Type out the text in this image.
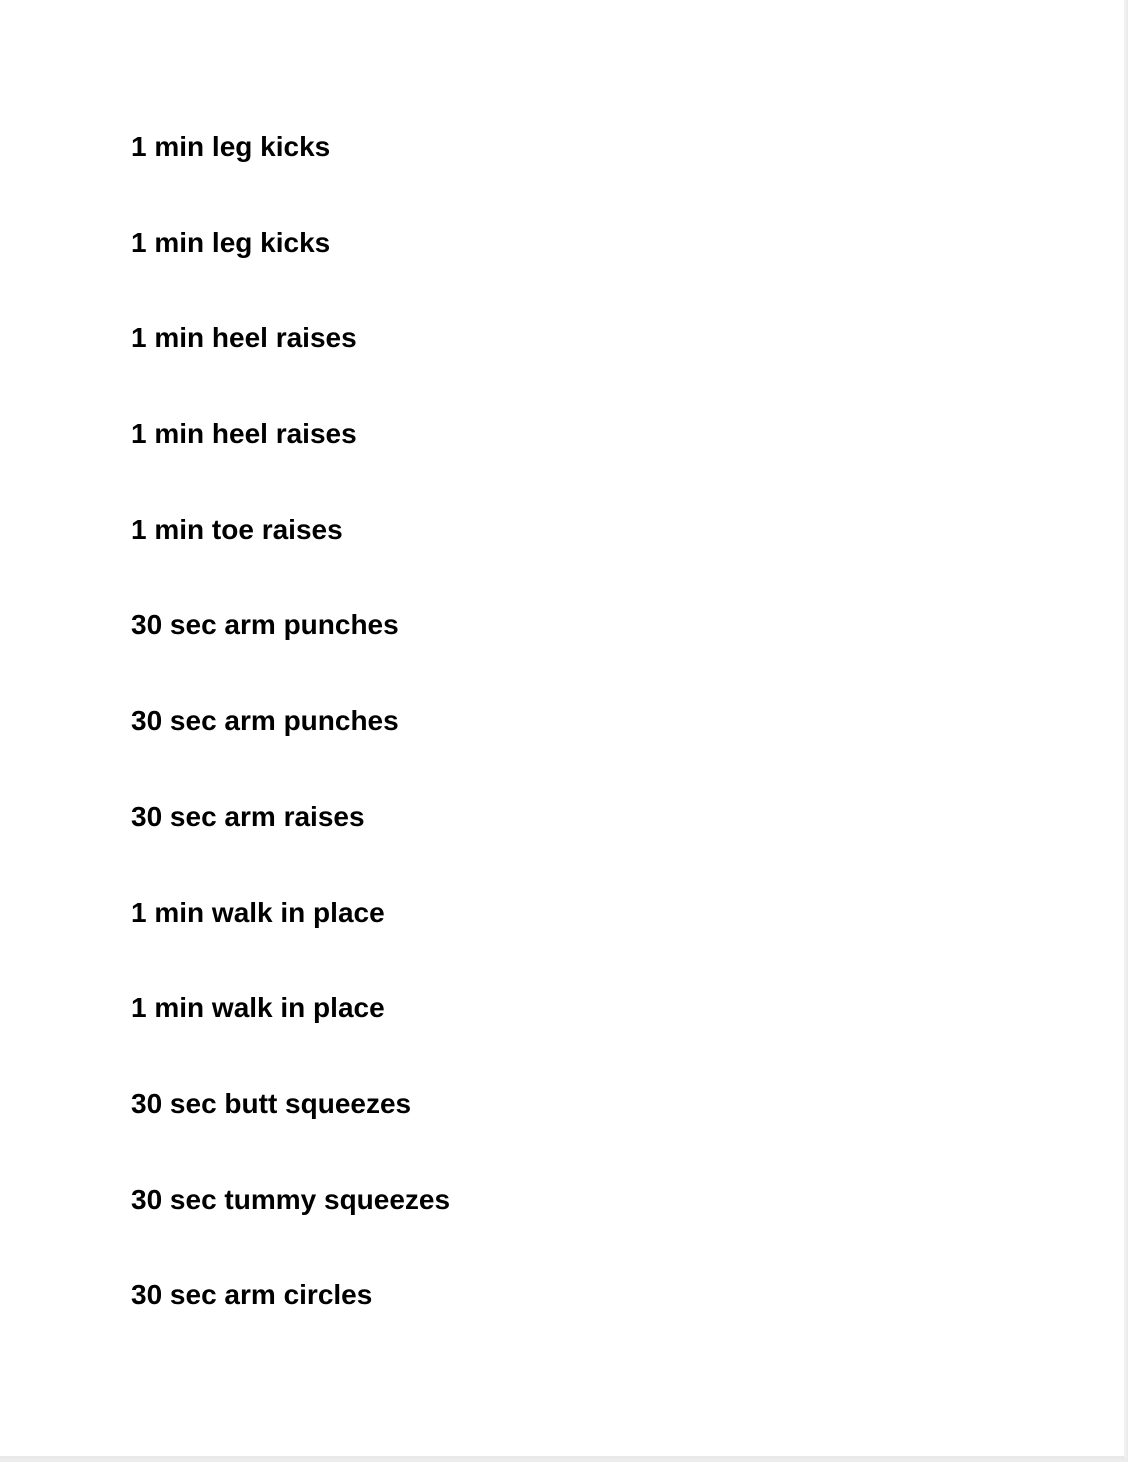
1 min leg kicks
1 min leg kicks
1 min heel raises
1 min heel raises
1 min toe raises
30 sec arm punches
30 sec arm punches
30 sec arm raises
1 min walk in place
1 min walk in place
30 sec butt squeezes
30 sec tummy squeezes
30 sec arm circles
